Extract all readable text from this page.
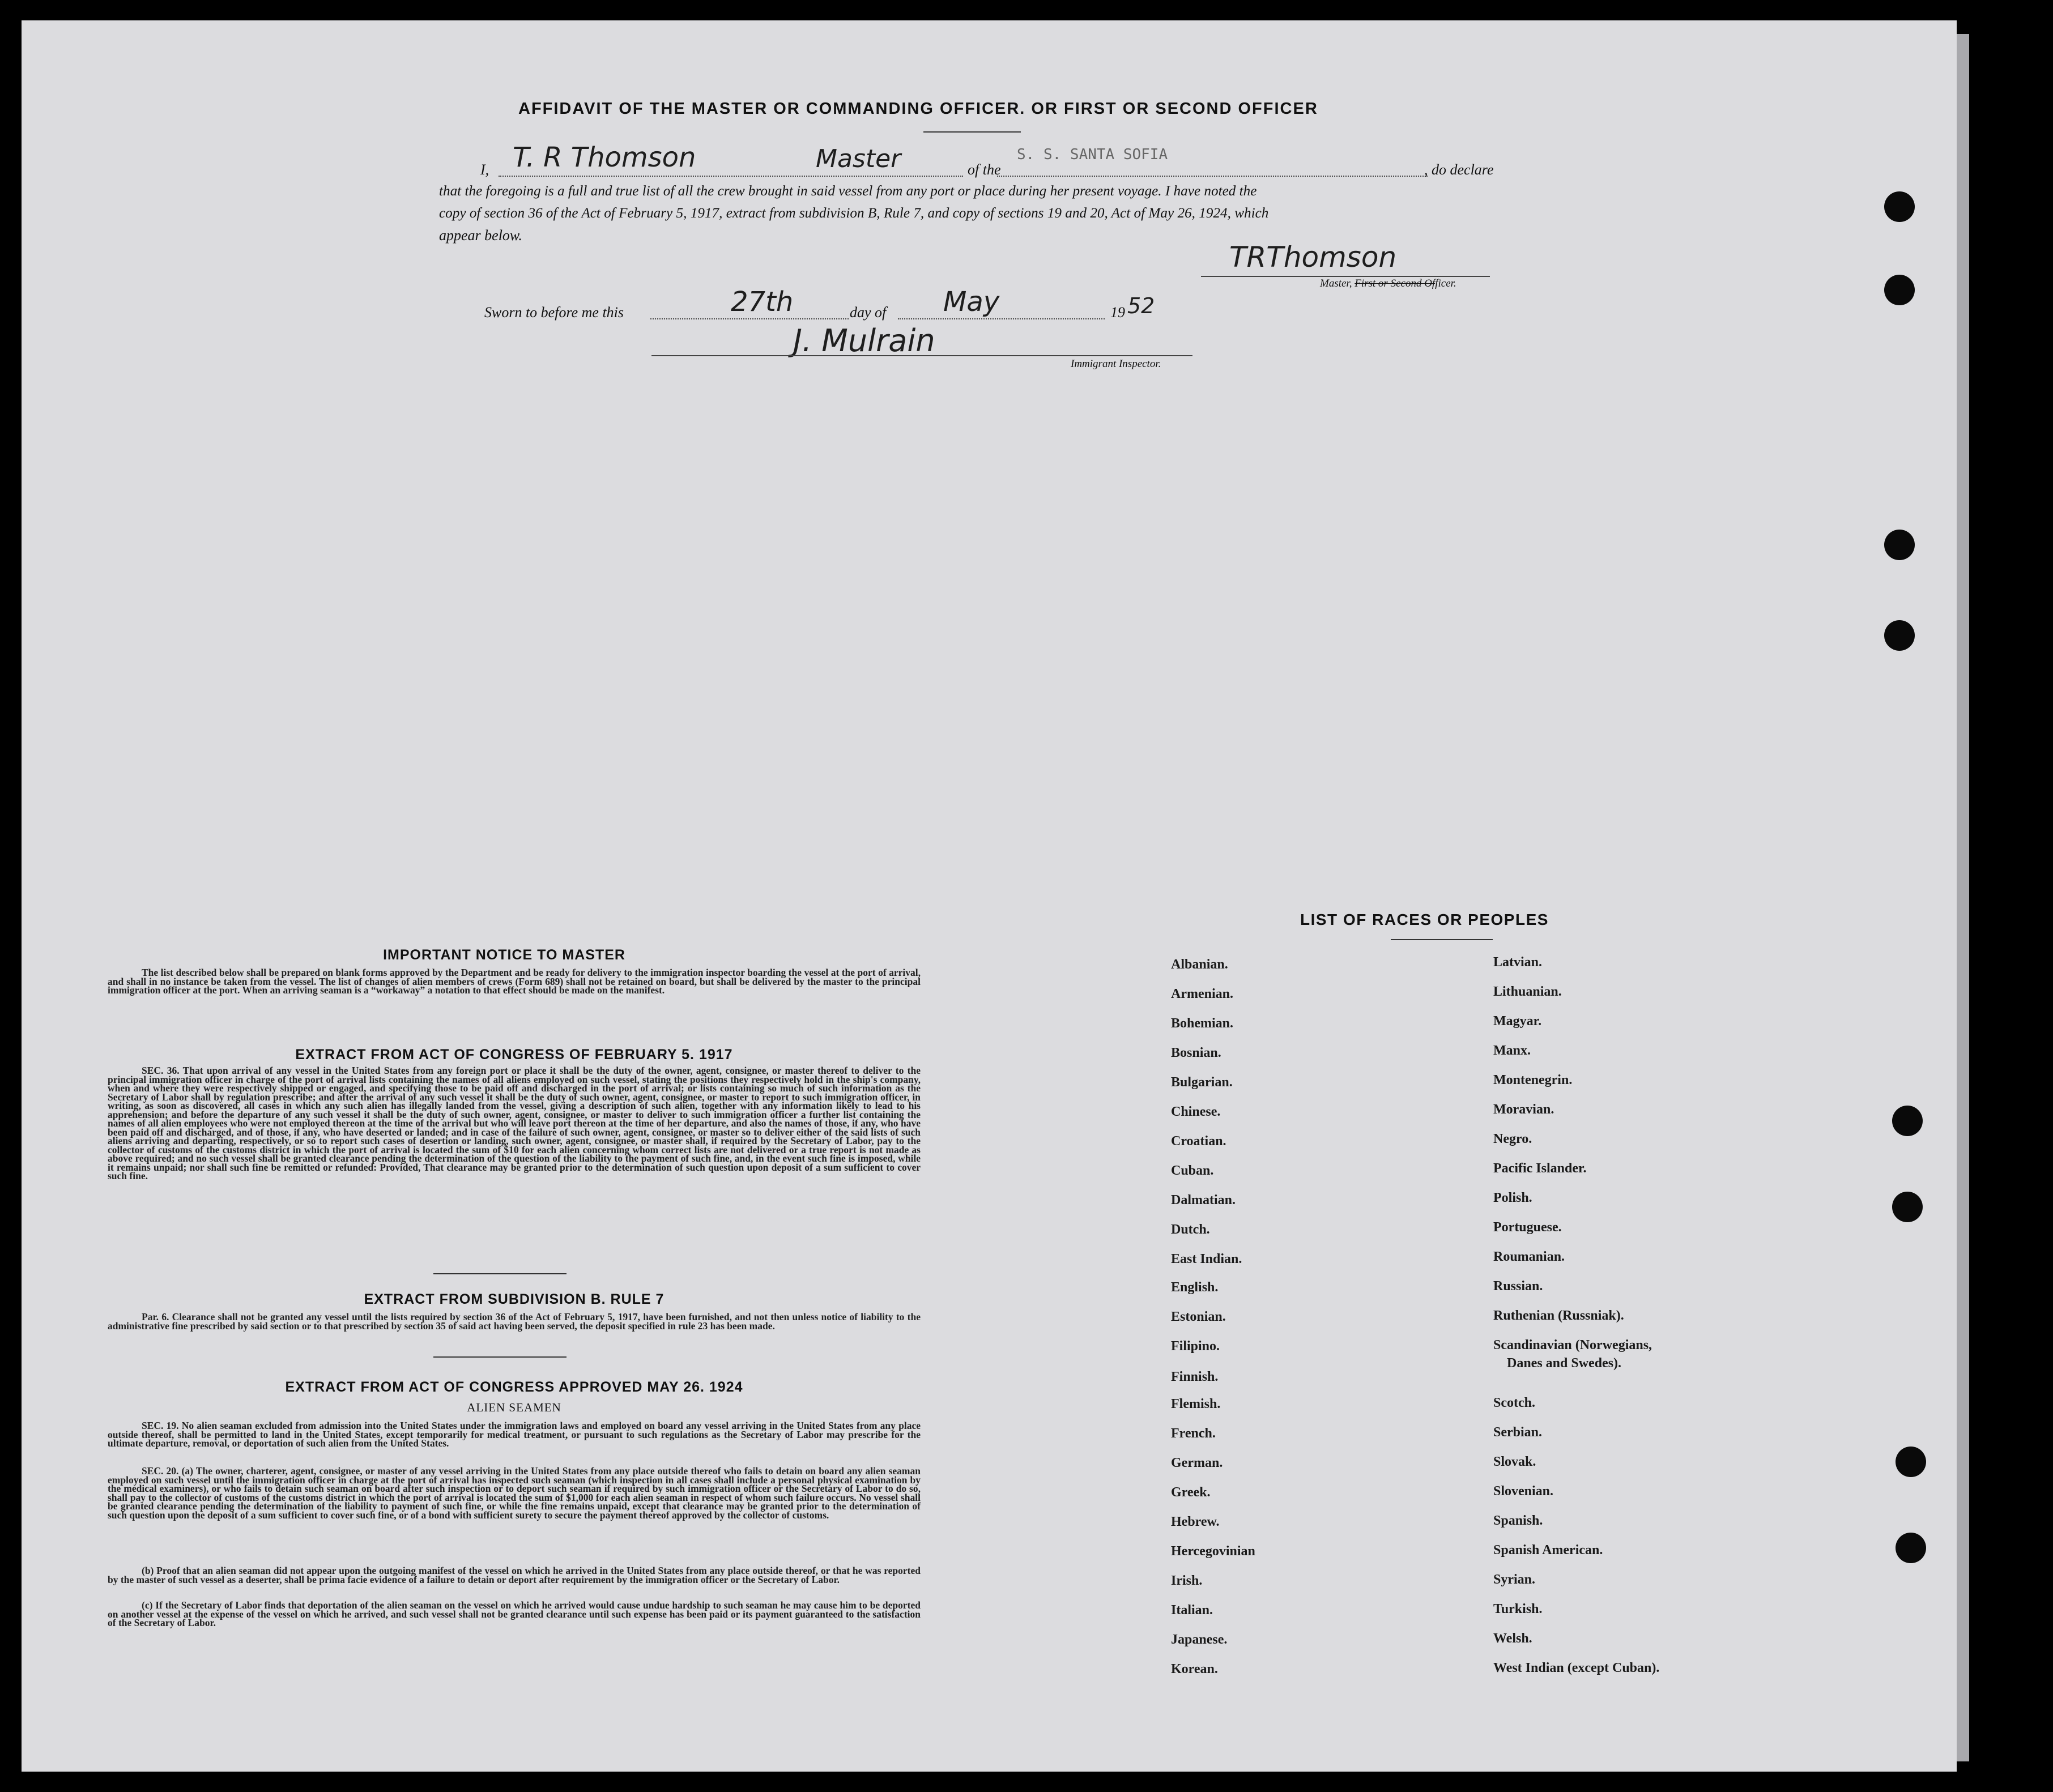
AFFIDAVIT OF THE MASTER OR COMMANDING OFFICER. OR FIRST OR SECOND OFFICER
I, T. R Thomson	Master	of the
S. S. SANTA SOFIA
, do declare
that the foregoing is a full and true list of all the crew brought in said vessel from any port or place during her present voyage. I have noted the
copy of section 36 of the Act of February 5, 1917, extract from subdivision B, Rule 7, and copy of sections 19 and 20, Act of May 26, 1924, which
appear below.
TRThomson
Master, First or Second Officer.
Sworn to before me this	27th	day of May	19 52
J. Mulrain
Immigrant Inspector.
IMPORTANT NOTICE TO MASTER
The list described below shall be prepared on blank forms approved by the Department and be ready for delivery to the immigration inspector boarding the vessel at the port of arrival, and shall in no instance be taken from the vessel. The list of changes of alien members of crews (Form 689) shall not be retained on board, but shall be delivered by the master to the principal immigration officer at the port. When an arriving seaman is a “workaway” a notation to that effect should be made on the manifest.
EXTRACT FROM ACT OF CONGRESS OF FEBRUARY 5. 1917
SEC. 36. That upon arrival of any vessel in the United States from any foreign port or place it shall be the duty of the owner, agent, consignee, or master thereof to deliver to the principal immigration officer in charge of the port of arrival lists containing the names of all aliens employed on such vessel, stating the positions they respectively hold in the ship's company, when and where they were respectively shipped or engaged, and specifying those to be paid off and discharged in the port of arrival; or lists containing so much of such information as the Secretary of Labor shall by regulation prescribe; and after the arrival of any such vessel it shall be the duty of such owner, agent, consignee, or master to report to such immigration officer, in writing, as soon as discovered, all cases in which any such alien has illegally landed from the vessel, giving a description of such alien, together with any information likely to lead to his apprehension; and before the departure of any such vessel it shall be the duty of such owner, agent, consignee, or master to deliver to such immigration officer a further list containing the names of all alien employees who were not employed thereon at the time of the arrival but who will leave port thereon at the time of her departure, and also the names of those, if any, who have been paid off and discharged, and of those, if any, who have deserted or landed; and in case of the failure of such owner, agent, consignee, or master so to deliver either of the said lists of such aliens arriving and departing, respectively, or so to report such cases of desertion or landing, such owner, agent, consignee, or master shall, if required by the Secretary of Labor, pay to the collector of customs of the customs district in which the port of arrival is located the sum of $10 for each alien concerning whom correct lists are not delivered or a true report is not made as above required; and no such vessel shall be granted clearance pending the determination of the question of the liability to the payment of such fine, and, in the event such fine is imposed, while it remains unpaid; nor shall such fine be remitted or refunded: Provided, That clearance may be granted prior to the determination of such question upon deposit of a sum sufficient to cover such fine.
EXTRACT FROM SUBDIVISION B. RULE 7
Par. 6. Clearance shall not be granted any vessel until the lists required by section 36 of the Act of February 5, 1917, have been furnished, and not then unless notice of liability to the administrative fine prescribed by said section or to that prescribed by section 35 of said act having been served, the deposit specified in rule 23 has been made.
EXTRACT FROM ACT OF CONGRESS APPROVED MAY 26. 1924
ALIEN SEAMEN
SEC. 19. No alien seaman excluded from admission into the United States under the immigration laws and employed on board any vessel arriving in the United States from any place outside thereof, shall be permitted to land in the United States, except temporarily for medical treatment, or pursuant to such regulations as the Secretary of Labor may prescribe for the ultimate departure, removal, or deportation of such alien from the United States.
SEC. 20. (a) The owner, charterer, agent, consignee, or master of any vessel arriving in the United States from any place outside thereof who fails to detain on board any alien seaman employed on such vessel until the immigration officer in charge at the port of arrival has inspected such seaman (which inspection in all cases shall include a personal physical examination by the medical examiners), or who fails to detain such seaman on board after such inspection or to deport such seaman if required by such immigration officer or the Secretary of Labor to do so, shall pay to the collector of customs of the customs district in which the port of arrival is located the sum of $1,000 for each alien seaman in respect of whom such failure occurs. No vessel shall be granted clearance pending the determination of the liability to payment of such fine, or while the fine remains unpaid, except that clearance may be granted prior to the determination of such question upon the deposit of a sum sufficient to cover such fine, or of a bond with sufficient surety to secure the payment thereof approved by the collector of customs.
(b) Proof that an alien seaman did not appear upon the outgoing manifest of the vessel on which he arrived in the United States from any place outside thereof, or that he was reported by the master of such vessel as a deserter, shall be prima facie evidence of a failure to detain or deport after requirement by the immigration officer or the Secretary of Labor.
(c) If the Secretary of Labor finds that deportation of the alien seaman on the vessel on which he arrived would cause undue hardship to such seaman he may cause him to be deported on another vessel at the expense of the vessel on which he arrived, and such vessel shall not be granted clearance until such expense has been paid or its payment guaranteed to the satisfaction of the Secretary of Labor.
LIST OF RACES OR PEOPLES
Albanian.
Armenian.
Bohemian.
Bosnian.
Bulgarian.
Chinese.
Croatian.
Cuban.
Dalmatian.
Dutch.
East Indian.
English.
Estonian.
Filipino.
Finnish.
Flemish.
French.
German.
Greek.
Hebrew.
Hercegovinian
Irish.
Italian.
Japanese.
Korean.
Latvian.
Lithuanian.
Magyar.
Manx.
Montenegrin.
Moravian.
Negro.
Pacific Islander.
Polish.
Portuguese.
Roumanian.
Russian.
Ruthenian (Russniak).
Scandinavian (Norwegians,
Danes and Swedes).
Scotch.
Serbian.
Slovak.
Slovenian.
Spanish.
Spanish American.
Syrian.
Turkish.
Welsh.
West Indian (except Cuban).
